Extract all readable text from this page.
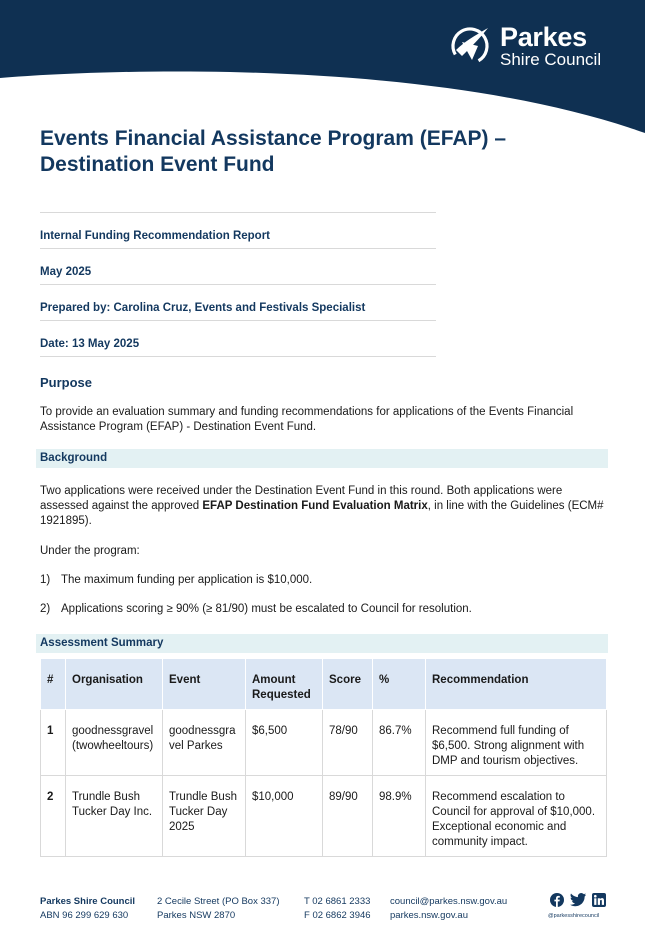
Parkes
Shire Council
Events Financial Assistance Program (EFAP) –
Destination Event Fund
Internal Funding Recommendation Report
May 2025
Prepared by: Carolina Cruz, Events and Festivals Specialist
Date: 13 May 2025
Purpose

To provide an evaluation summary and funding recommendations for applications of the Events Financial Assistance Program (EFAP) - Destination Event Fund.

Background

Two applications were received under the Destination Event Fund in this round. Both applications were assessed against the approved EFAP Destination Fund Evaluation Matrix, in line with the Guidelines (ECM# 1921895).

Under the program:

1) The maximum funding per application is $10,000.
2) Applications scoring ≥ 90% (≥ 81/90) must be escalated to Council for resolution.
Assessment Summary
#	Organisation	Event	Amount Requested	Score	%	Recommendation
1	goodnessgravel (twowheeltours)	goodnessgravel Parkes	$6,500	78/90	86.7%	Recommend full funding of $6,500. Strong alignment with DMP and tourism objectives.
2	Trundle Bush Tucker Day Inc.	Trundle Bush Tucker Day 2025	$10,000	89/90	98.9%	Recommend escalation to Council for approval of $10,000. Exceptional economic and community impact.
Parkes Shire Council
ABN 96 299 629 630
2 Cecile Street (PO Box 337)
Parkes NSW 2870
T 02 6861 2333
F 02 6862 3946
council@parkes.nsw.gov.au
parkes.nsw.gov.au	@parkesshirecouncil
